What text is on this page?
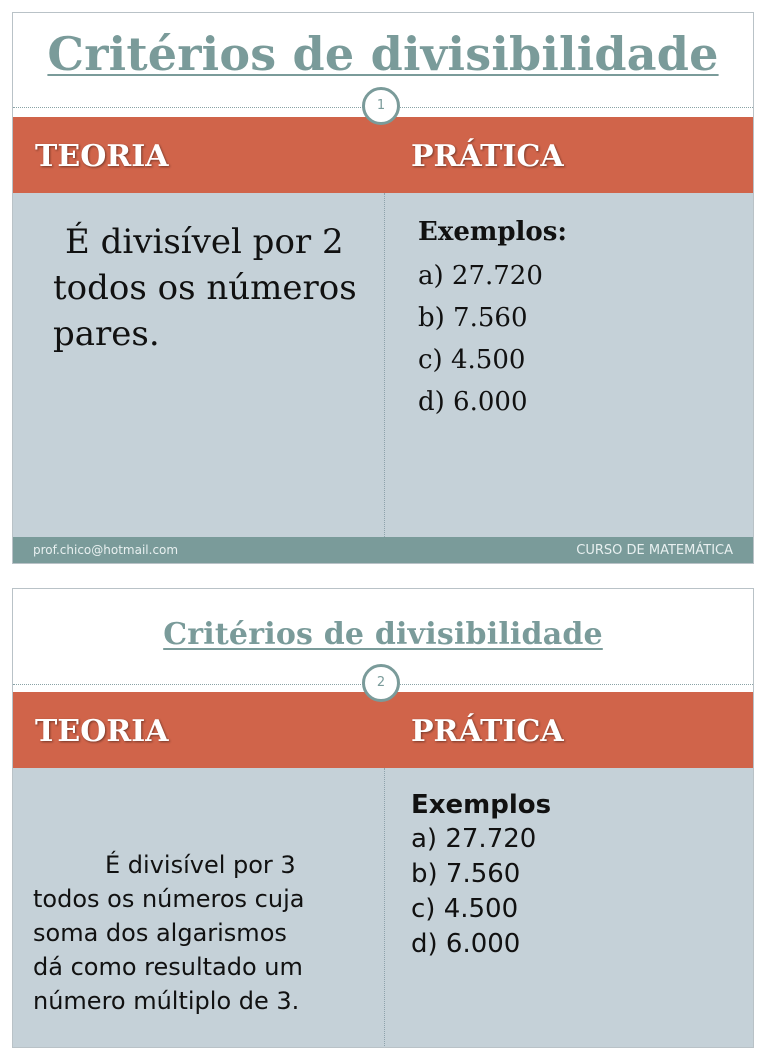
Critérios de divisibilidade
TEORIA	PRÁTICA
1
É divisível por 2
todos os números
pares.
Exemplos:
a) 27.720
b) 7.560
c) 4.500
d) 6.000
prof.chico@hotmail.com	CURSO DE MATEMÁTICA
Critérios de divisibilidade
TEORIA	PRÁTICA
2
É divisível por 3
todos os números cuja
soma dos algarismos
dá como resultado um
número múltiplo de 3.
Exemplos
a) 27.720
b) 7.560
c) 4.500
d) 6.000
